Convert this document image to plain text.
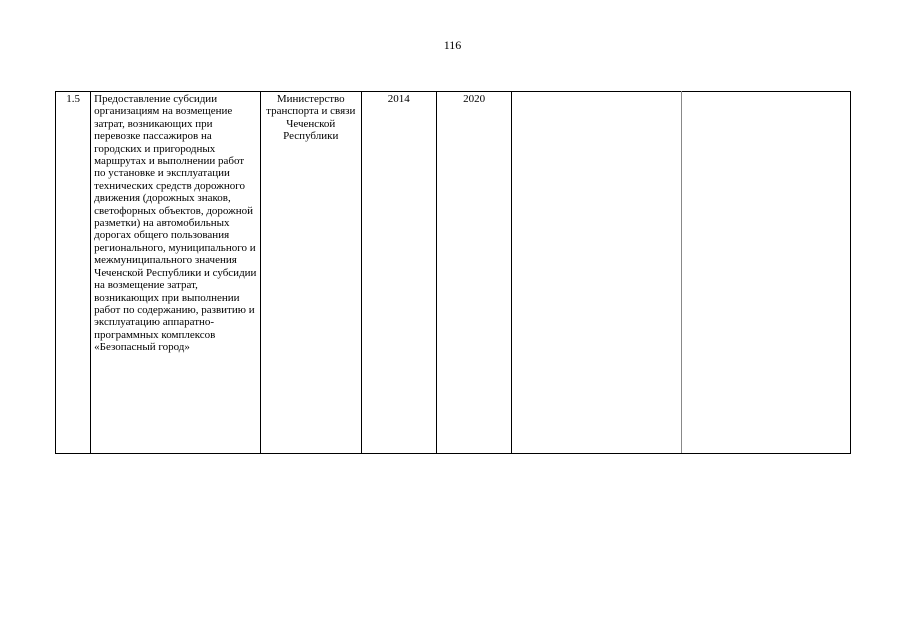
116
1.5	Предоставление субсидии организациям на возмещение затрат, возникающих при перевозке пассажиров на городских и пригородных маршрутах и выполнении работ по установке и эксплуатации технических средств дорожного движения (дорожных знаков, светофорных объектов, дорожной разметки) на автомобильных дорогах общего пользования регионального, муниципального и межмуниципального значения Чеченской Республики и субсидии на возмещение затрат, возникающих при выполнении работ по содержанию, развитию и эксплуатацию аппаратно-программных комплексов «Безопасный город»	Министерство транспорта и связи Чеченской Республики	2014	2020		
